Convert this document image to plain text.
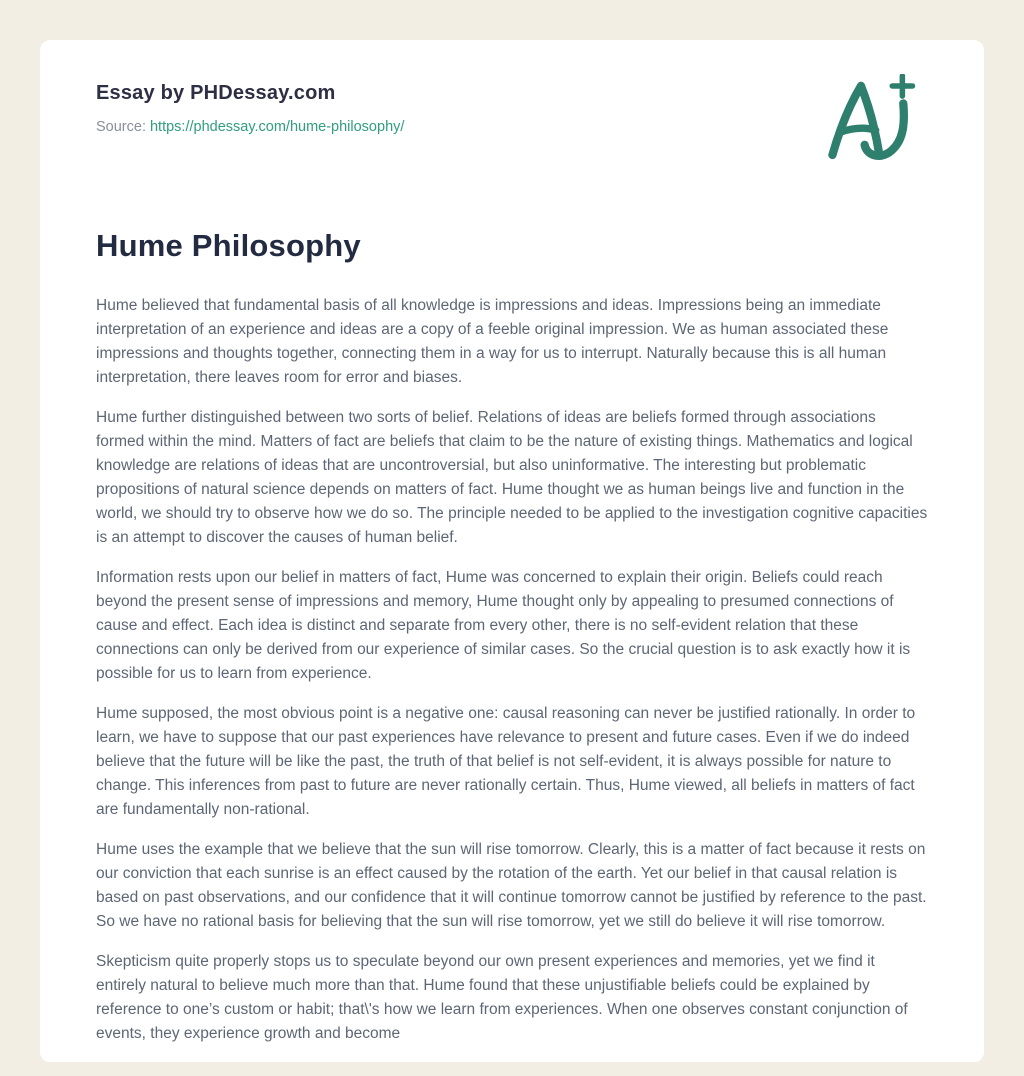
Essay by PHDessay.com
Source: https://phdessay.com/hume-philosophy/
Hume Philosophy

Hume believed that fundamental basis of all knowledge is impressions and ideas. Impressions being an immediate interpretation of an experience and ideas are a copy of a feeble original impression. We as human associated these impressions and thoughts together, connecting them in a way for us to interrupt. Naturally because this is all human interpretation, there leaves room for error and biases.

Hume further distinguished between two sorts of belief. Relations of ideas are beliefs formed through associations formed within the mind. Matters of fact are beliefs that claim to be the nature of existing things. Mathematics and logical knowledge are relations of ideas that are uncontroversial, but also uninformative. The interesting but problematic propositions of natural science depends on matters of fact. Hume thought we as human beings live and function in the world, we should try to observe how we do so. The principle needed to be applied to the investigation cognitive capacities is an attempt to discover the causes of human belief.

Information rests upon our belief in matters of fact, Hume was concerned to explain their origin. Beliefs could reach beyond the present sense of impressions and memory, Hume thought only by appealing to presumed connections of cause and effect. Each idea is distinct and separate from every other, there is no self-evident relation that these connections can only be derived from our experience of similar cases. So the crucial question is to ask exactly how it is possible for us to learn from experience.

Hume supposed, the most obvious point is a negative one: causal reasoning can never be justified rationally. In order to learn, we have to suppose that our past experiences have relevance to present and future cases. Even if we do indeed believe that the future will be like the past, the truth of that belief is not self-evident, it is always possible for nature to change. This inferences from past to future are never rationally certain. Thus, Hume viewed, all beliefs in matters of fact are fundamentally non-rational.

Hume uses the example that we believe that the sun will rise tomorrow. Clearly, this is a matter of fact because it rests on our conviction that each sunrise is an effect caused by the rotation of the earth. Yet our belief in that causal relation is based on past observations, and our confidence that it will continue tomorrow cannot be justified by reference to the past. So we have no rational basis for believing that the sun will rise tomorrow, yet we still do believe it will rise tomorrow.

Skepticism quite properly stops us to speculate beyond our own present experiences and memories, yet we find it entirely natural to believe much more than that. Hume found that these unjustifiable beliefs could be explained by reference to one’s custom or habit; that\'s how we learn from experiences. When one observes constant conjunction of events, they experience growth and become
